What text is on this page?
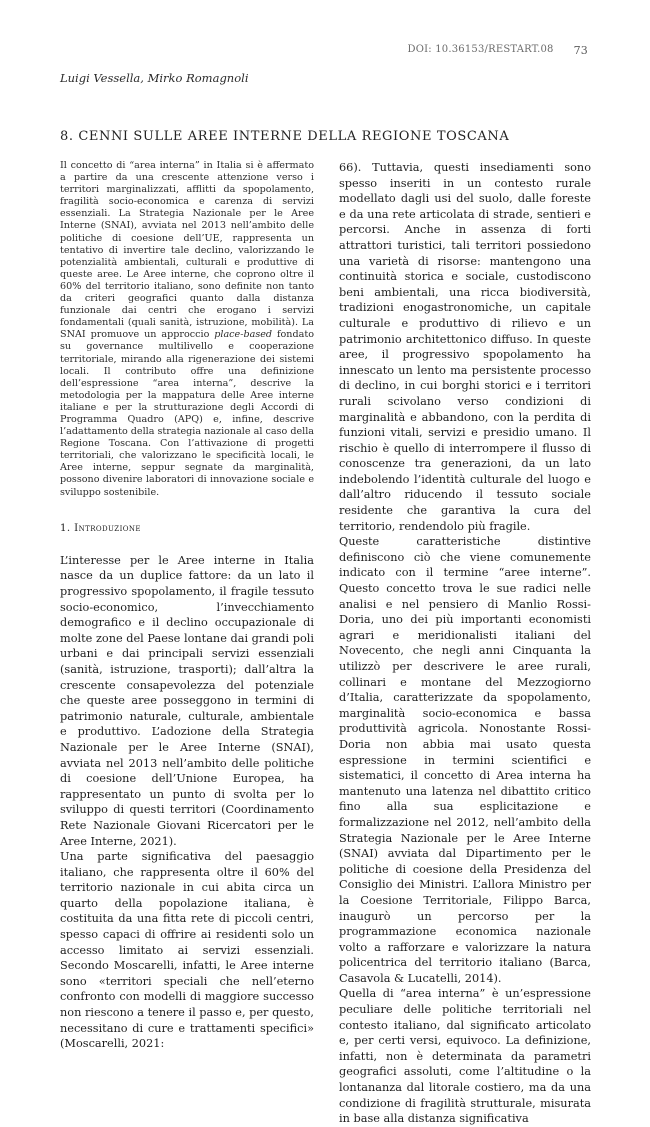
DOI: 10.36153/RESTART.08 73
Luigi Vessella, Mirko Romagnoli
8. CENNI SULLE AREE INTERNE DELLA REGIONE TOSCANA

Il concetto di “area interna” in Italia si è affermato a partire da una crescente attenzione verso i territori marginalizzati, afflitti da spopolamento, fragilità socio-economica e carenza di servizi essenziali. La Strategia Nazionale per le Aree Interne (SNAI), avviata nel 2013 nell’ambito delle politiche di coesione dell’UE, rappresenta un tentativo di invertire tale declino, valorizzando le potenzialità ambientali, culturali e produttive di queste aree. Le Aree interne, che coprono oltre il 60% del territorio italiano, sono definite non tanto da criteri geografici quanto dalla distanza funzionale dai centri che erogano i servizi fondamentali (quali sanità, istruzione, mobilità). La SNAI promuove un approccio place-based fondato su governance multilivello e cooperazione territoriale, mirando alla rigenerazione dei sistemi locali. Il contributo offre una definizione dell’espressione “area interna”, descrive la metodologia per la mappatura delle Aree interne italiane e per la strutturazione degli Accordi di Programma Quadro (APQ) e, infine, descrive l’adattamento della strategia nazionale al caso della Regione Toscana. Con l’attivazione di progetti territoriali, che valorizzano le specificità locali, le Aree interne, seppur segnate da marginalità, possono divenire laboratori di innovazione sociale e sviluppo sostenibile.

1. Introduzione

L’interesse per le Aree interne in Italia nasce da un duplice fattore: da un lato il progressivo spopolamento, il fragile tessuto socio-economico, l’invecchiamento demografico e il declino occupazionale di molte zone del Paese lontane dai grandi poli urbani e dai principali servizi essenziali (sanità, istruzione, trasporti); dall’altra la crescente consapevolezza del potenziale che queste aree posseggono in termini di patrimonio naturale, culturale, ambientale e produttivo. L’adozione della Strategia Nazionale per le Aree Interne (SNAI), avviata nel 2013 nell’ambito delle politiche di coesione dell’Unione Europea, ha rappresentato un punto di svolta per lo sviluppo di questi territori (Coordinamento Rete Nazionale Giovani Ricercatori per le Aree Interne, 2021).

Una parte significativa del paesaggio italiano, che rappresenta oltre il 60% del territorio nazionale in cui abita circa un quarto della popolazione italiana, è costituita da una fitta rete di piccoli centri, spesso capaci di offrire ai residenti solo un accesso limitato ai servizi essenziali. Secondo Moscarelli, infatti, le Aree interne sono «territori speciali che nell’eterno confronto con modelli di maggiore successo non riescono a tenere il passo e, per questo, necessitano di cure e trattamenti specifici» (Moscarelli, 2021:

66). Tuttavia, questi insediamenti sono spesso inseriti in un contesto rurale modellato dagli usi del suolo, dalle foreste e da una rete articolata di strade, sentieri e percorsi. Anche in assenza di forti attrattori turistici, tali territori possiedono una varietà di risorse: mantengono una continuità storica e sociale, custodiscono beni ambientali, una ricca biodiversità, tradizioni enogastronomiche, un capitale culturale e produttivo di rilievo e un patrimonio architettonico diffuso. In queste aree, il progressivo spopolamento ha innescato un lento ma persistente processo di declino, in cui borghi storici e i territori rurali scivolano verso condizioni di marginalità e abbandono, con la perdita di funzioni vitali, servizi e presidio umano. Il rischio è quello di interrompere il flusso di conoscenze tra generazioni, da un lato indebolendo l’identità culturale del luogo e dall’altro riducendo il tessuto sociale residente che garantiva la cura del territorio, rendendolo più fragile.

Queste caratteristiche distintive definiscono ciò che viene comunemente indicato con il termine “aree interne”. Questo concetto trova le sue radici nelle analisi e nel pensiero di Manlio Rossi-Doria, uno dei più importanti economisti agrari e meridionalisti italiani del Novecento, che negli anni Cinquanta la utilizzò per descrivere le aree rurali, collinari e montane del Mezzogiorno d’Italia, caratterizzate da spopolamento, marginalità socio-economica e bassa produttività agricola. Nonostante Rossi-Doria non abbia mai usato questa espressione in termini scientifici e sistematici, il concetto di Area interna ha mantenuto una latenza nel dibattito critico fino alla sua esplicitazione e formalizzazione nel 2012, nell’ambito della Strategia Nazionale per le Aree Interne (SNAI) avviata dal Dipartimento per le politiche di coesione della Presidenza del Consiglio dei Ministri. L’allora Ministro per la Coesione Territoriale, Filippo Barca, inaugurò un percorso per la programmazione economica nazionale volto a rafforzare e valorizzare la natura policentrica del territorio italiano (Barca, Casavola & Lucatelli, 2014).

Quella di “area interna” è un’espressione peculiare delle politiche territoriali nel contesto italiano, dal significato articolato e, per certi versi, equivoco. La definizione, infatti, non è determinata da parametri geografici assoluti, come l’altitudine o la lontananza dal litorale costiero, ma da una condizione di fragilità strutturale, misurata in base alla distanza significativa
